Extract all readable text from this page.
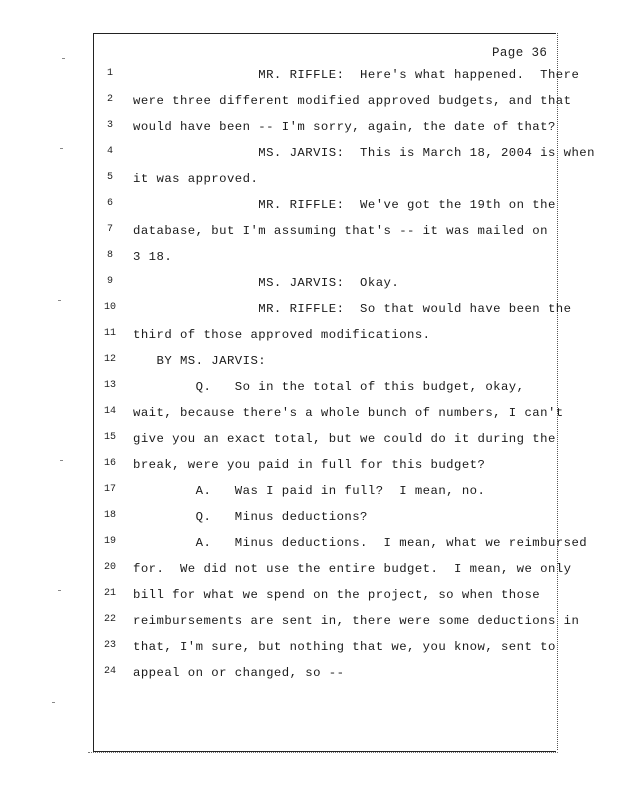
Page 36
1	MR. RIFFLE:  Here's what happened.  There
2	were three different modified approved budgets, and that
3	would have been -- I'm sorry, again, the date of that?
4	MS. JARVIS:  This is March 18, 2004 is when
5	it was approved.
6	MR. RIFFLE:  We've got the 19th on the
7	database, but I'm assuming that's -- it was mailed on
8	3 18.
9	MS. JARVIS:  Okay.
10	MR. RIFFLE:  So that would have been the
11	third of those approved modifications.
12	BY MS. JARVIS:
13	Q.   So in the total of this budget, okay,
14	wait, because there's a whole bunch of numbers, I can't
15	give you an exact total, but we could do it during the
16	break, were you paid in full for this budget?
17	A.   Was I paid in full?  I mean, no.
18	Q.   Minus deductions?
19	A.   Minus deductions.  I mean, what we reimbursed
20	for.  We did not use the entire budget.  I mean, we only
21	bill for what we spend on the project, so when those
22	reimbursements are sent in, there were some deductions in
23	that, I'm sure, but nothing that we, you know, sent to
24	appeal on or changed, so --
